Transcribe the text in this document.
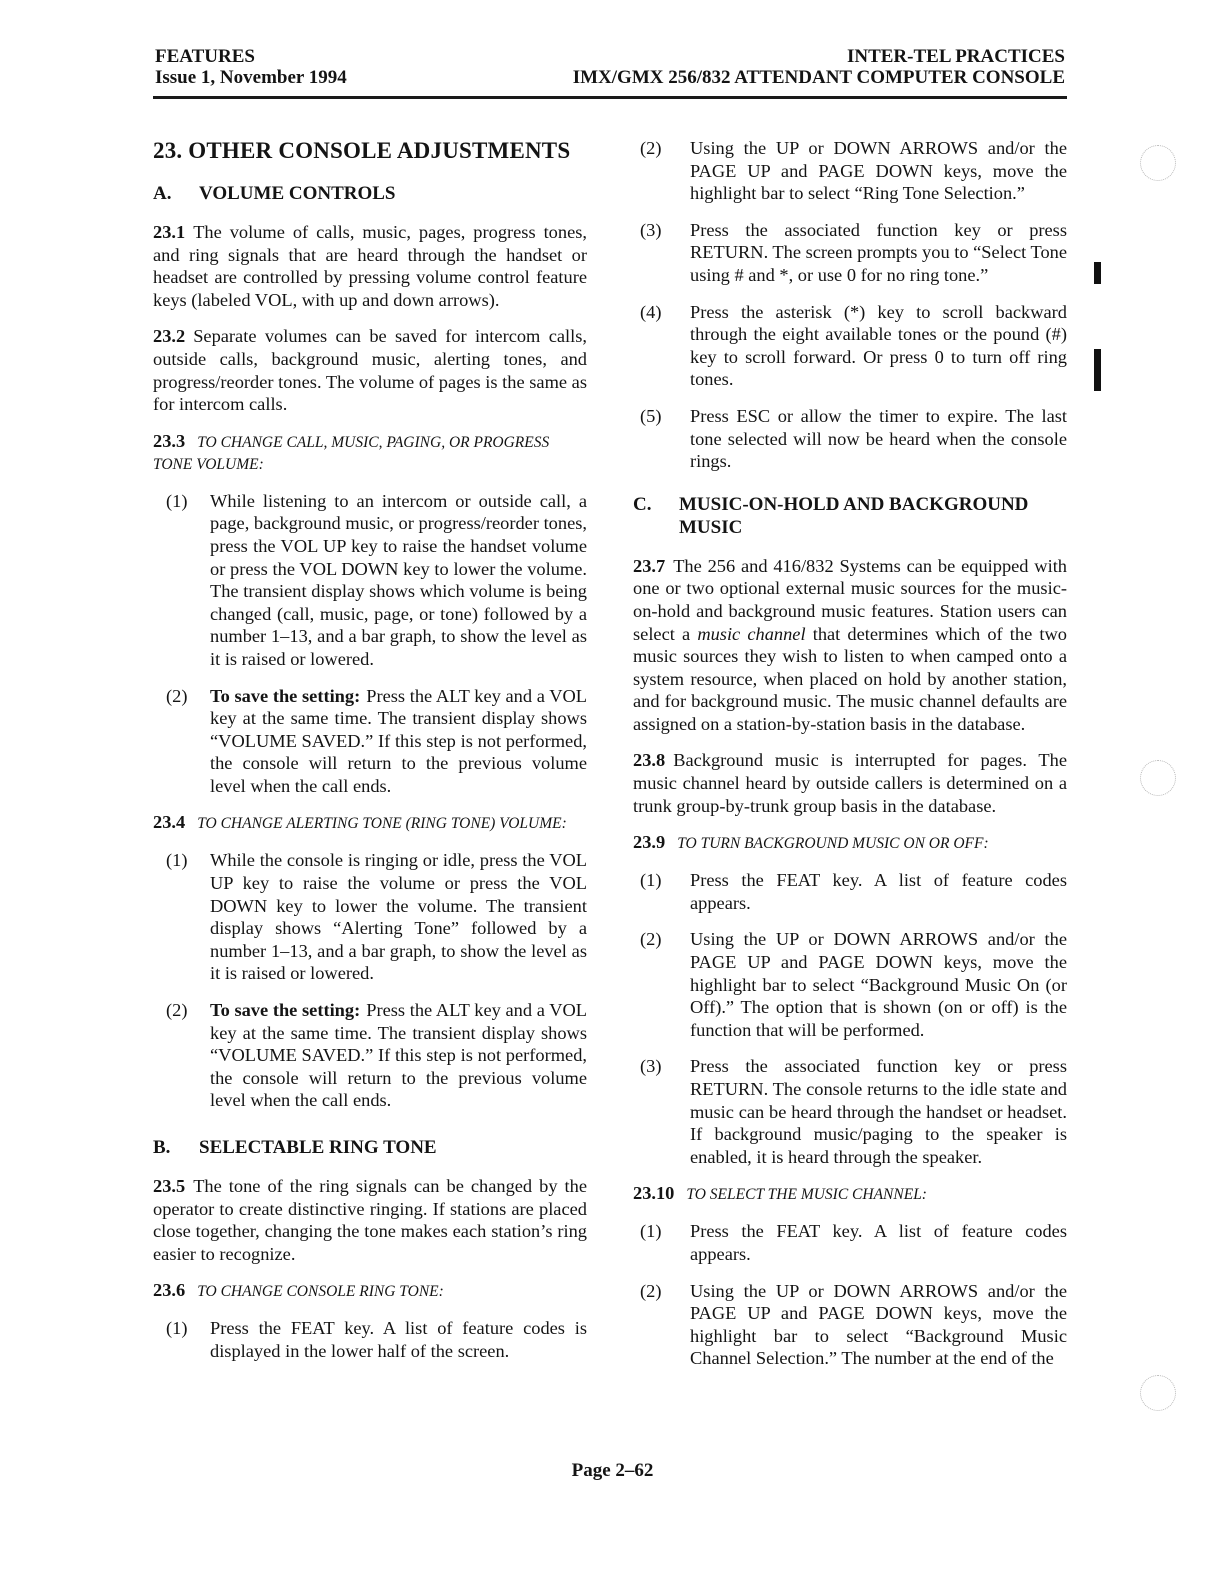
FEATURES
Issue 1, November 1994
INTER-TEL PRACTICES
IMX/GMX 256/832 ATTENDANT COMPUTER CONSOLE
23. OTHER CONSOLE ADJUSTMENTS
A.	VOLUME CONTROLS

23.1 The volume of calls, music, pages, progress tones, and ring signals that are heard through the handset or headset are controlled by pressing volume control feature keys (labeled VOL, with up and down arrows).

23.2 Separate volumes can be saved for intercom calls, outside calls, background music, alerting tones, and progress/reorder tones. The volume of pages is the same as for intercom calls.

23.3 TO CHANGE CALL, MUSIC, PAGING, OR PROGRESS TONE VOLUME:
(1)	While listening to an intercom or outside call, a page, background music, or progress/reorder tones, press the VOL UP key to raise the handset volume or press the VOL DOWN key to lower the volume. The transient display shows which volume is being changed (call, music, page, or tone) followed by a number 1–13, and a bar graph, to show the level as it is raised or lowered.
(2)	To save the setting: Press the ALT key and a VOL key at the same time. The transient display shows “VOLUME SAVED.” If this step is not performed, the console will return to the previous volume level when the call ends.
23.4 TO CHANGE ALERTING TONE (RING TONE) VOLUME:
(1)	While the console is ringing or idle, press the VOL UP key to raise the volume or press the VOL DOWN key to lower the volume. The transient display shows “Alerting Tone” followed by a number 1–13, and a bar graph, to show the level as it is raised or lowered.
(2)	To save the setting: Press the ALT key and a VOL key at the same time. The transient display shows “VOLUME SAVED.” If this step is not performed, the console will return to the previous volume level when the call ends.
B.	SELECTABLE RING TONE

23.5 The tone of the ring signals can be changed by the operator to create distinctive ringing. If stations are placed close together, changing the tone makes each station’s ring easier to recognize.

23.6 TO CHANGE CONSOLE RING TONE:
(1)	Press the FEAT key. A list of feature codes is displayed in the lower half of the screen.
(2)	Using the UP or DOWN ARROWS and/or the PAGE UP and PAGE DOWN keys, move the highlight bar to select “Ring Tone Selection.”
(3)	Press the associated function key or press RETURN. The screen prompts you to “Select Tone using # and *, or use 0 for no ring tone.”
(4)	Press the asterisk (*) key to scroll backward through the eight available tones or the pound (#) key to scroll forward. Or press 0 to turn off ring tones.
(5)	Press ESC or allow the timer to expire. The last tone selected will now be heard when the console rings.
C.	MUSIC-ON-HOLD AND BACKGROUND MUSIC

23.7 The 256 and 416/832 Systems can be equipped with one or two optional external music sources for the music-on-hold and background music features. Station users can select a music channel that determines which of the two music sources they wish to listen to when camped onto a system resource, when placed on hold by another station, and for background music. The music channel defaults are assigned on a station-by-station basis in the database.

23.8 Background music is interrupted for pages. The music channel heard by outside callers is determined on a trunk group-by-trunk group basis in the database.

23.9 TO TURN BACKGROUND MUSIC ON OR OFF:
(1)	Press the FEAT key. A list of feature codes appears.
(2)	Using the UP or DOWN ARROWS and/or the PAGE UP and PAGE DOWN keys, move the highlight bar to select “Background Music On (or Off).” The option that is shown (on or off) is the function that will be performed.
(3)	Press the associated function key or press RETURN. The console returns to the idle state and music can be heard through the handset or headset. If background music/paging to the speaker is enabled, it is heard through the speaker.
23.10 TO SELECT THE MUSIC CHANNEL:
(1)	Press the FEAT key. A list of feature codes appears.
(2)	Using the UP or DOWN ARROWS and/or the PAGE UP and PAGE DOWN keys, move the highlight bar to select “Background Music Channel Selection.” The number at the end of the
Page 2–62
